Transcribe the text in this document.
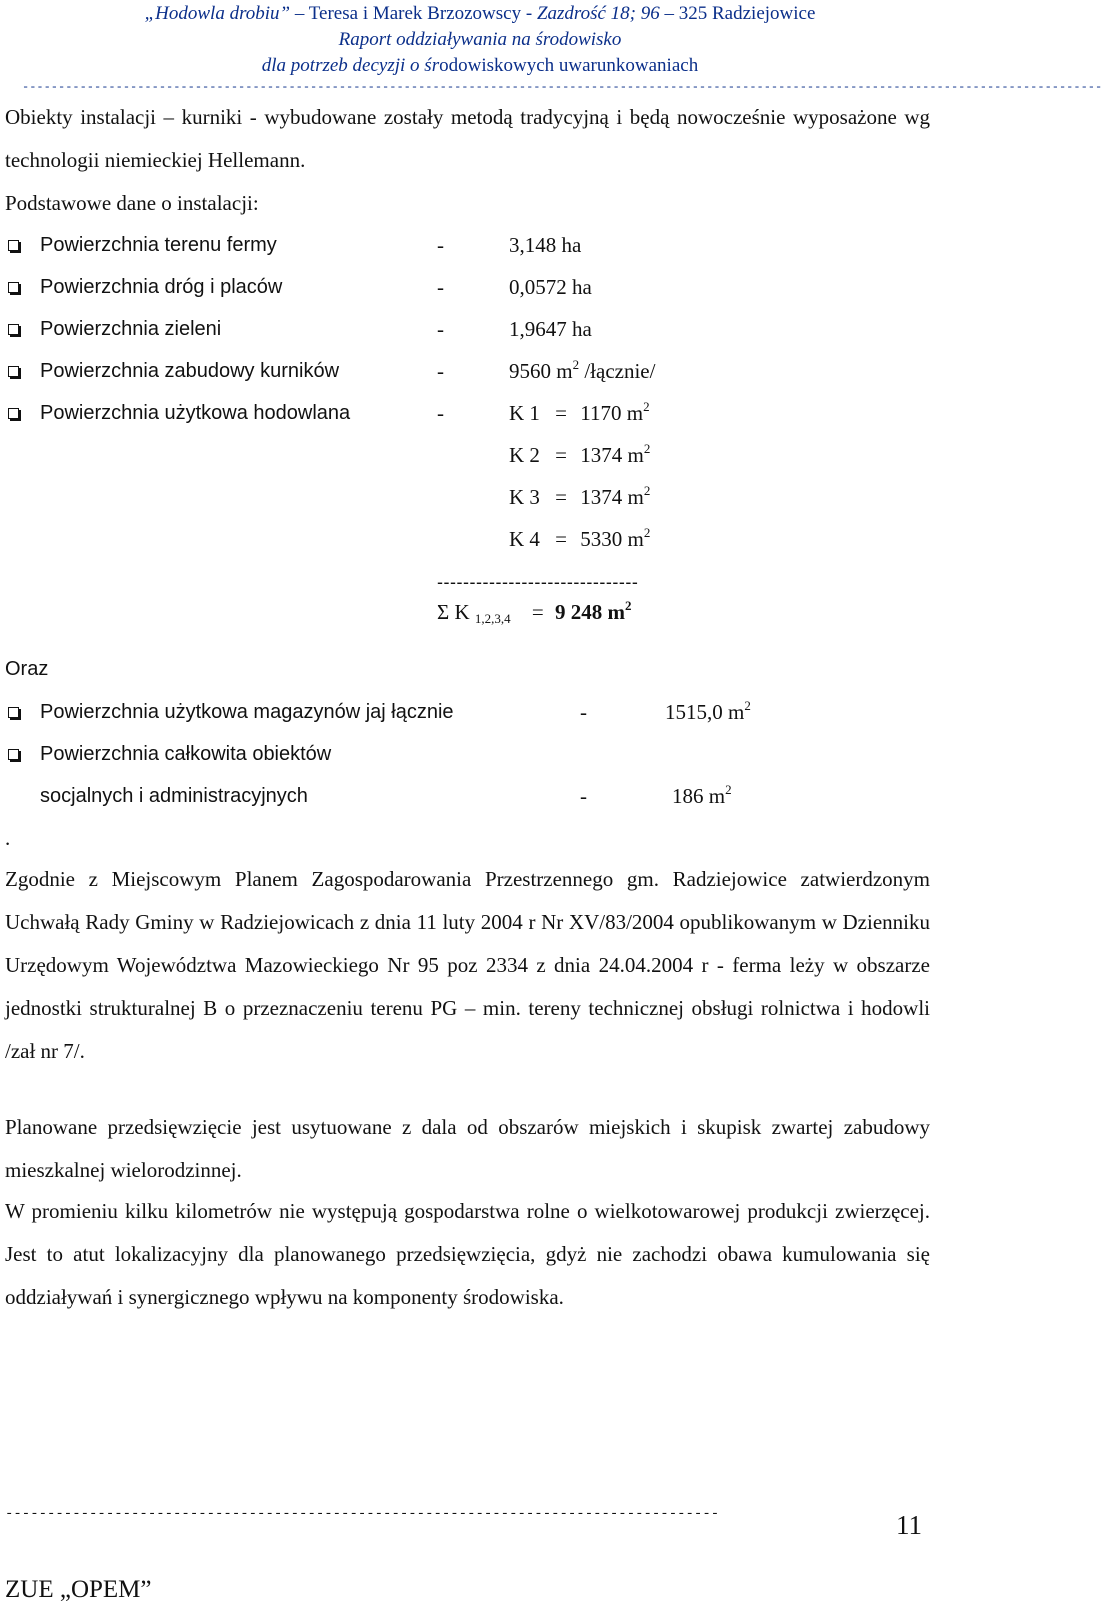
„Hodowla drobiu” – Teresa i Marek Brzozowscy - Zazdrość 18; 96 – 325 Radziejowice
Raport oddziaływania na środowisko
dla potrzeb decyzji o środowiskowych uwarunkowaniach
------------------------------------------------------------------------------------------------------------------------------------------------------
Obiekty instalacji – kurniki - wybudowane zostały metodą tradycyjną i będą nowocześnie wyposażone wg technologii niemieckiej Hellemann.
Podstawowe dane o instalacji:
Powierzchnia terenu fermy	-	3,148 ha
Powierzchnia dróg i placów	-	0,0572 ha
Powierzchnia zieleni	-	1,9647 ha
Powierzchnia zabudowy kurników	-	9560 $m^2$ /łącznie/
Powierzchnia użytkowa hodowlana	-	K 1 = 1170 $m^2$
K 2 = 1374 $m^2$
K 3 = 1374 $m^2$
K 4 = 5330 $m^2$
-------------------------------
Σ K $_{1,2,3,4}$ = 9 248 $m^2$
Oraz
Powierzchnia użytkowa magazynów jaj łącznie	-	1515,0 $m^2$
Powierzchnia całkowita obiektów
socjalnych i administracyjnych	-	186 $m^2$
.
Zgodnie z Miejscowym Planem Zagospodarowania Przestrzennego gm. Radziejowice zatwierdzonym Uchwałą Rady Gminy w Radziejowicach z dnia 11 luty 2004 r Nr XV/83/2004 opublikowanym w Dzienniku Urzędowym Województwa Mazowieckiego Nr 95 poz 2334 z dnia 24.04.2004 r - ferma leży w obszarze jednostki strukturalnej B o przeznaczeniu terenu PG – min. tereny technicznej obsługi rolnictwa i hodowli /zał nr 7/.
Planowane przedsięwzięcie jest usytuowane z dala od obszarów miejskich i skupisk zwartej zabudowy mieszkalnej wielorodzinnej.
W promieniu kilku kilometrów nie występują gospodarstwa rolne o wielkotowarowej produkcji zwierzęcej. Jest to atut lokalizacyjny dla planowanego przedsięwzięcia, gdyż nie zachodzi obawa kumulowania się oddziaływań i synergicznego wpływu na komponenty środowiska.
-------------------------------------------------------------------------------------	11
ZUE „OPEM”
